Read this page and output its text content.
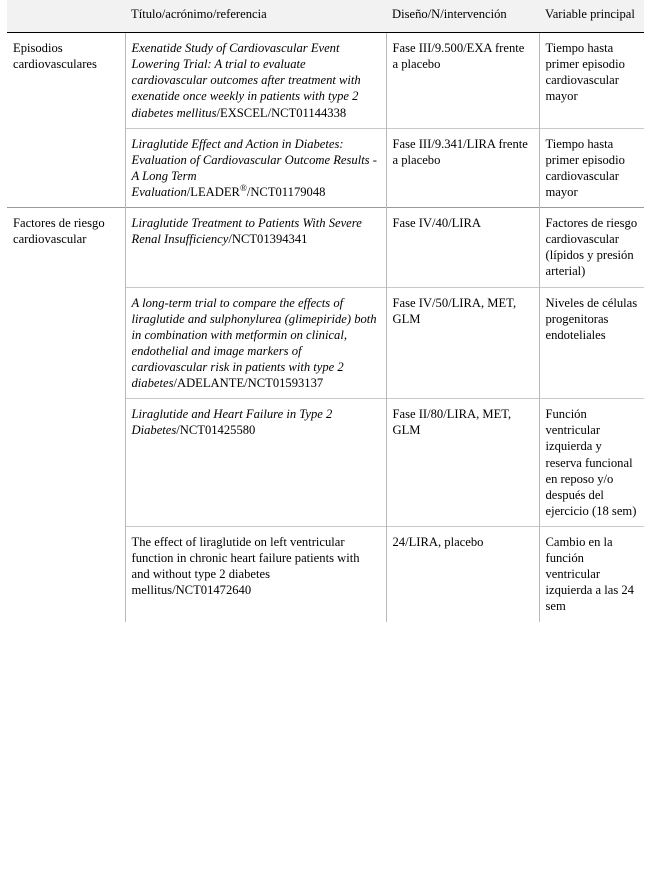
	Título/acrónimo/referencia	Diseño/N/intervención	Variable principal
Episodios cardiovasculares	Exenatide Study of Cardiovascular Event Lowering Trial: A trial to evaluate cardiovascular outcomes after treatment with exenatide once weekly in patients with type 2 diabetes mellitus/EXSCEL/NCT01144338	Fase III/9.500/EXA frente a placebo	Tiempo hasta primer episodio cardiovascular mayor
	Liraglutide Effect and Action in Diabetes: Evaluation of Cardiovascular Outcome Results - A Long Term Evaluation/LEADER®/NCT01179048	Fase III/9.341/LIRA frente a placebo	Tiempo hasta primer episodio cardiovascular mayor
Factores de riesgo cardiovascular	Liraglutide Treatment to Patients With Severe Renal Insufficiency/NCT01394341	Fase IV/40/LIRA	Factores de riesgo cardiovascular (lípidos y presión arterial)
	A long-term trial to compare the effects of liraglutide and sulphonylurea (glimepiride) both in combination with metformin on clinical, endothelial and image markers of cardiovascular risk in patients with type 2 diabetes/ADELANTE/NCT01593137	Fase IV/50/LIRA, MET, GLM	Niveles de células progenitoras endoteliales
	Liraglutide and Heart Failure in Type 2 Diabetes/NCT01425580	Fase II/80/LIRA, MET, GLM	Función ventricular izquierda y reserva funcional en reposo y/o después del ejercicio (18 sem)
	The effect of liraglutide on left ventricular function in chronic heart failure patients with and without type 2 diabetes mellitus/NCT01472640	24/LIRA, placebo	Cambio en la función ventricular izquierda a las 24 sem
